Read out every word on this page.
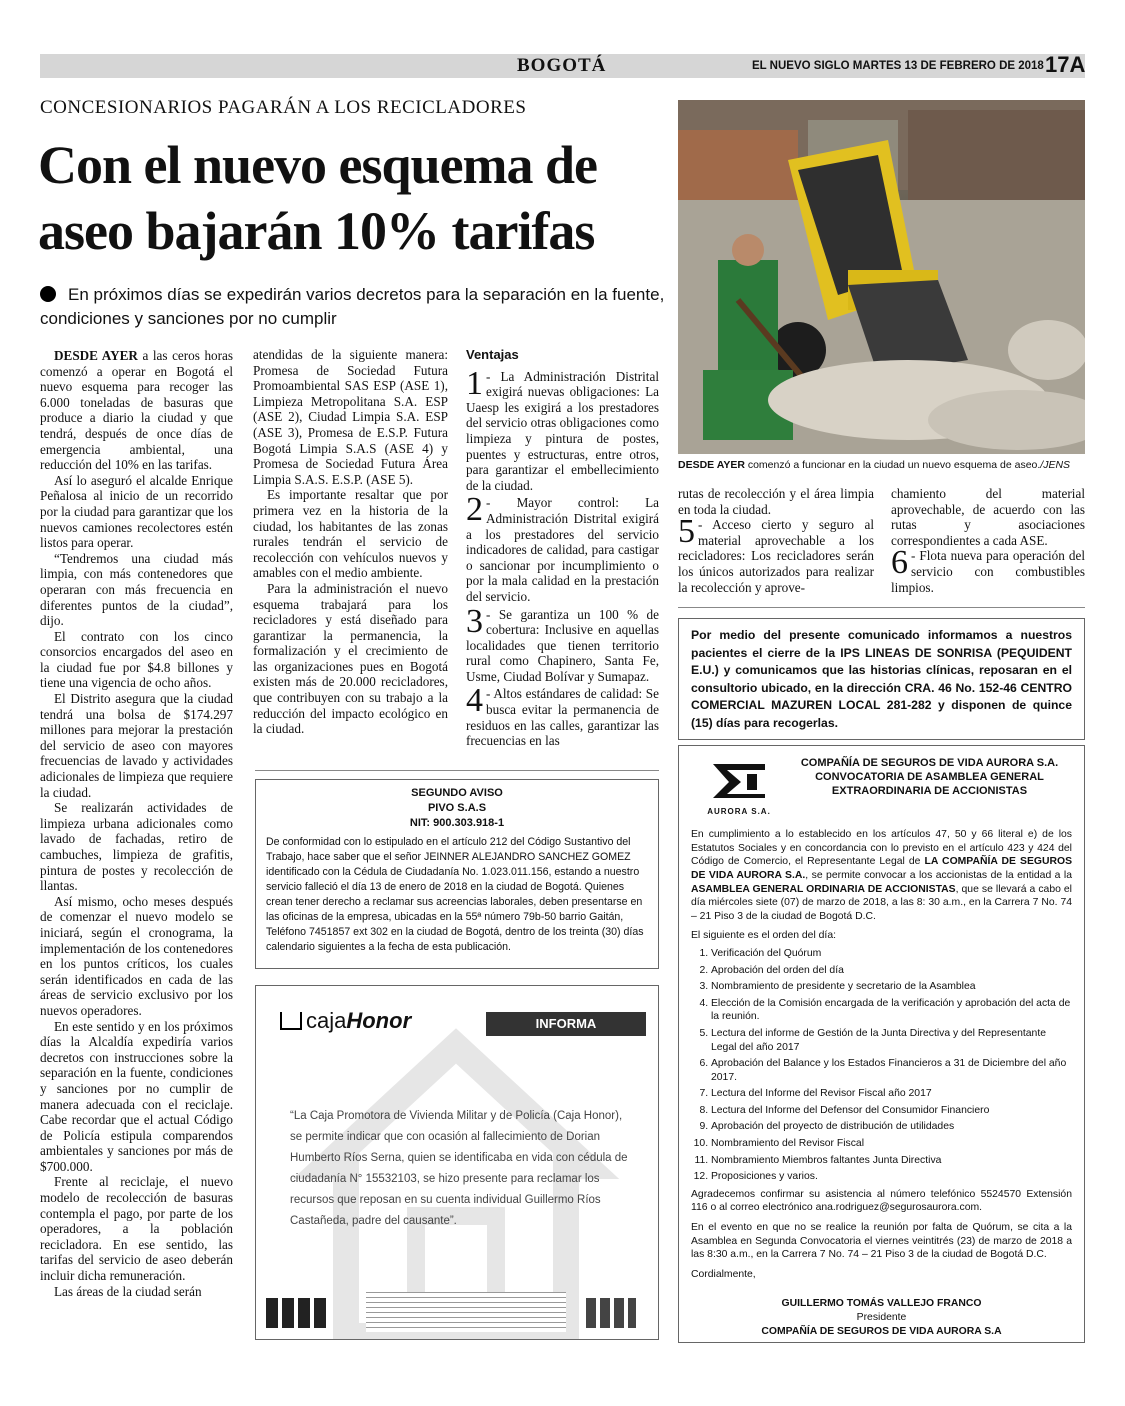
BOGOTÁ	EL NUEVO SIGLO MARTES 13 DE FEBRERO DE 2018 17A
CONCESIONARIOS PAGARÁN A LOS RECICLADORES
Con el nuevo esquema de
aseo bajarán 10% tarifas
En próximos días se expedirán varios decretos para la separación en la fuente, condiciones y sanciones por no cumplir

DESDE AYER a las ceros horas comenzó a operar en Bogotá el nuevo esquema para recoger las 6.000 toneladas de basuras que produce a diario la ciudad y que tendrá, después de once días de emergencia ambiental, una reducción del 10% en las tarifas.

Así lo aseguró el alcalde Enrique Peñalosa al inicio de un recorrido por la ciudad para garantizar que los nuevos camiones recolectores estén listos para operar.

“Tendremos una ciudad más limpia, con más contenedores que operaran con más frecuencia en diferentes puntos de la ciudad”, dijo.

El contrato con los cinco consorcios encargados del aseo en la ciudad fue por $4.8 billones y tiene una vigencia de ocho años.

El Distrito asegura que la ciudad tendrá una bolsa de $174.297 millones para mejorar la prestación del servicio de aseo con mayores frecuencias de lavado y actividades adicionales de limpieza que requiere la ciudad.

Se realizarán actividades de limpieza urbana adicionales como lavado de fachadas, retiro de cambuches, limpieza de grafitis, pintura de postes y recolección de llantas.

Así mismo, ocho meses después de comenzar el nuevo modelo se iniciará, según el cronograma, la implementación de los contenedores en los puntos críticos, los cuales serán identificados en cada de las áreas de servicio exclusivo por los nuevos operadores.

En este sentido y en los próximos días la Alcaldía expediría varios decretos con instrucciones sobre la separación en la fuente, condiciones y sanciones por no cumplir de manera adecuada con el reciclaje. Cabe recordar que el actual Código de Policía estipula comparendos ambientales y sanciones por más de $700.000.

Frente al reciclaje, el nuevo modelo de recolección de basuras contempla el pago, por parte de los operadores, a la población recicladora. En ese sentido, las tarifas del servicio de aseo deberán incluir dicha remuneración.

Las áreas de la ciudad serán

atendidas de la siguiente manera: Promesa de Sociedad Futura Promoambiental SAS ESP (ASE 1), Limpieza Metropolitana S.A. ESP (ASE 2), Ciudad Limpia S.A. ESP (ASE 3), Promesa de E.S.P. Futura Bogotá Limpia S.A.S (ASE 4) y Promesa de Sociedad Futura Área Limpia S.A.S. E.S.P. (ASE 5).

Es importante resaltar que por primera vez en la historia de la ciudad, los habitantes de las zonas rurales tendrán el servicio de recolección con vehículos nuevos y amables con el medio ambiente.

Para la administración el nuevo esquema trabajará para los recicladores y está diseñado para garantizar la permanencia, la formalización y el crecimiento de las organizaciones pues en Bogotá existen más de 20.000 recicladores, que contribuyen con su trabajo a la reducción del impacto ecológico en la ciudad.

Ventajas
1 - La Administración Distrital exigirá nuevas obligaciones: La Uaesp les exigirá a los prestadores del servicio otras obligaciones como limpieza y pintura de postes, puentes y estructuras, entre otros, para garantizar el embellecimiento de la ciudad.
2 - Mayor control: La Administración Distrital exigirá a los prestadores del servicio indicadores de calidad, para castigar o sancionar por incumplimiento o por la mala calidad en la prestación del servicio.
3 - Se garantiza un 100 % de cobertura: Inclusive en aquellas localidades que tienen territorio rural como Chapinero, Santa Fe, Usme, Ciudad Bolívar y Sumapaz.
4 - Altos estándares de calidad: Se busca evitar la permanencia de residuos en las calles, garantizar las frecuencias en las
DESDE AYER comenzó a funcionar en la ciudad un nuevo esquema de aseo./JENS

rutas de recolección y el área limpia en toda la ciudad.

5 - Acceso cierto y seguro al material aprovechable a los recicladores: Los recicladores serán los únicos autorizados para realizar la recolección y aprove-

chamiento del material aprovechable, de acuerdo con las rutas y asociaciones correspondientes a cada ASE.

6 - Flota nueva para operación del servicio con combustibles limpios.
Por medio del presente comunicado informamos a nuestros pacientes el cierre de la IPS LINEAS DE SONRISA (PEQUIDENT E.U.) y comunicamos que las historias clínicas, reposaran en el consultorio ubicado, en la dirección CRA. 46 No. 152-46 CENTRO COMERCIAL MAZUREN LOCAL 281-282 y disponen de quince (15) días para recogerlas.
SEGUNDO AVISO
PIVO S.A.S
NIT: 900.303.918-1
De conformidad con lo estipulado en el artículo 212 del Código Sustantivo del Trabajo, hace saber que el señor JEINNER ALEJANDRO SANCHEZ GOMEZ identificado con la Cédula de Ciudadanía No. 1.023.011.156, estando a nuestro servicio falleció el día 13 de enero de 2018 en la ciudad de Bogotá. Quienes crean tener derecho a reclamar sus acreencias laborales, deben presentarse en las oficinas de la empresa, ubicadas en la 55ª número 79b-50 barrio Gaitán, Teléfono 7451857 ext 302 en la ciudad de Bogotá, dentro de los treinta (30) días calendario siguientes a la fecha de esta publicación.
cajaHonor	INFORMA
“La Caja Promotora de Vivienda Militar y de Policía (Caja Honor), se permite indicar que con ocasión al fallecimiento de Dorian Humberto Ríos Serna, quien se identificaba en vida con cédula de ciudadanía N° 15532103, se hizo presente para reclamar los recursos que reposan en su cuenta individual Guillermo Ríos Castañeda, padre del causante”.
AURORA S.A.
COMPAÑÍA DE SEGUROS DE VIDA AURORA S.A.
CONVOCATORIA DE ASAMBLEA GENERAL
EXTRAORDINARIA DE ACCIONISTAS
En cumplimiento a lo establecido en los artículos 47, 50 y 66 literal e) de los Estatutos Sociales y en concordancia con lo previsto en el artículo 423 y 424 del Código de Comercio, el Representante Legal de LA COMPAÑÍA DE SEGUROS DE VIDA AURORA S.A., se permite convocar a los accionistas de la entidad a la ASAMBLEA GENERAL ORDINARIA DE ACCIONISTAS, que se llevará a cabo el día miércoles siete (07) de marzo de 2018, a las 8: 30 a.m., en la Carrera 7 No. 74 – 21 Piso 3 de la ciudad de Bogotá D.C.
El siguiente es el orden del día:
1. Verificación del Quórum
2. Aprobación del orden del día
3. Nombramiento de presidente y secretario de la Asamblea
4. Elección de la Comisión encargada de la verificación y aprobación del acta de la reunión.
5. Lectura del informe de Gestión de la Junta Directiva y del Representante Legal del año 2017
6. Aprobación del Balance y los Estados Financieros a 31 de Diciembre del año 2017.
7. Lectura del Informe del Revisor Fiscal año 2017
8. Lectura del Informe del Defensor del Consumidor Financiero
9. Aprobación del proyecto de distribución de utilidades
10. Nombramiento del Revisor Fiscal
11. Nombramiento Miembros faltantes Junta Directiva
12. Proposiciones y varios.
Agradecemos confirmar su asistencia al número telefónico 5524570 Extensión 116 o al correo electrónico ana.rodriguez@segurosaurora.com.
En el evento en que no se realice la reunión por falta de Quórum, se cita a la Asamblea en Segunda Convocatoria el viernes veintitrés (23) de marzo de 2018 a las 8:30 a.m., en la Carrera 7 No. 74 – 21 Piso 3 de la ciudad de Bogotá D.C.
Cordialmente,
GUILLERMO TOMÁS VALLEJO FRANCO
Presidente
COMPAÑÍA DE SEGUROS DE VIDA AURORA S.A
